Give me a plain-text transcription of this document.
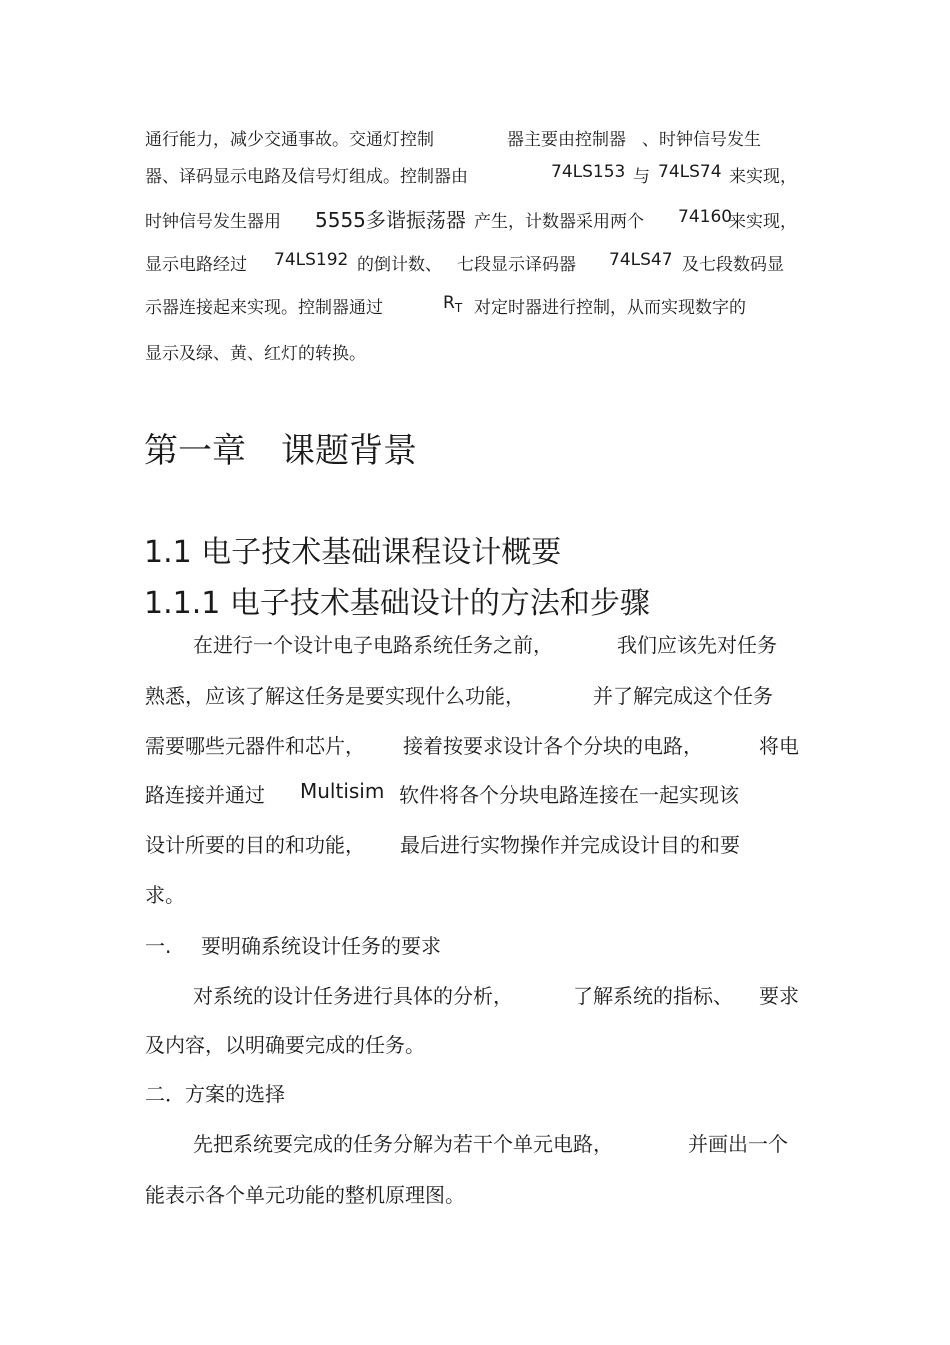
通行能力，减少交通事故。交通灯控制	器主要由控制器 、时钟信号发生
器、译码显示电路及信号灯组成。控制器由	74LS153 与 74LS74 来实现，
时钟信号发生器用 5555多谐振荡器 产生，计数器采用两个 74160
来实现，
显示电路经过 74LS192 的倒计数、 七段显示译码器 74LS47 及七段数码显
示器连接起来实现。控制器通过	$R_T$ 对定时器进行控制，从而实现数字的
显示及绿、黄、红灯的转换。
第一章 课题背景
1.1 电子技术基础课程设计概要
1.1.1 电子技术基础设计的方法和步骤
在进行一个设计电子电路系统任务之前，	我们应该先对任务
熟悉，应该了解这任务是要实现什么功能，	并了解完成这个任务
需要哪些元器件和芯片， 接着按要求设计各个分块的电路，	将电
路连接并通过 Multisim 软件将各个分块电路连接在一起实现该
设计所要的目的和功能， 最后进行实物操作并完成设计目的和要
求。
一. 要明确系统设计任务的要求
对系统的设计任务进行具体的分析，	了解系统的指标、 要求
及内容，以明确要完成的任务。
二．方案的选择
先把系统要完成的任务分解为若干个单元电路，	并画出一个
能表示各个单元功能的整机原理图。
